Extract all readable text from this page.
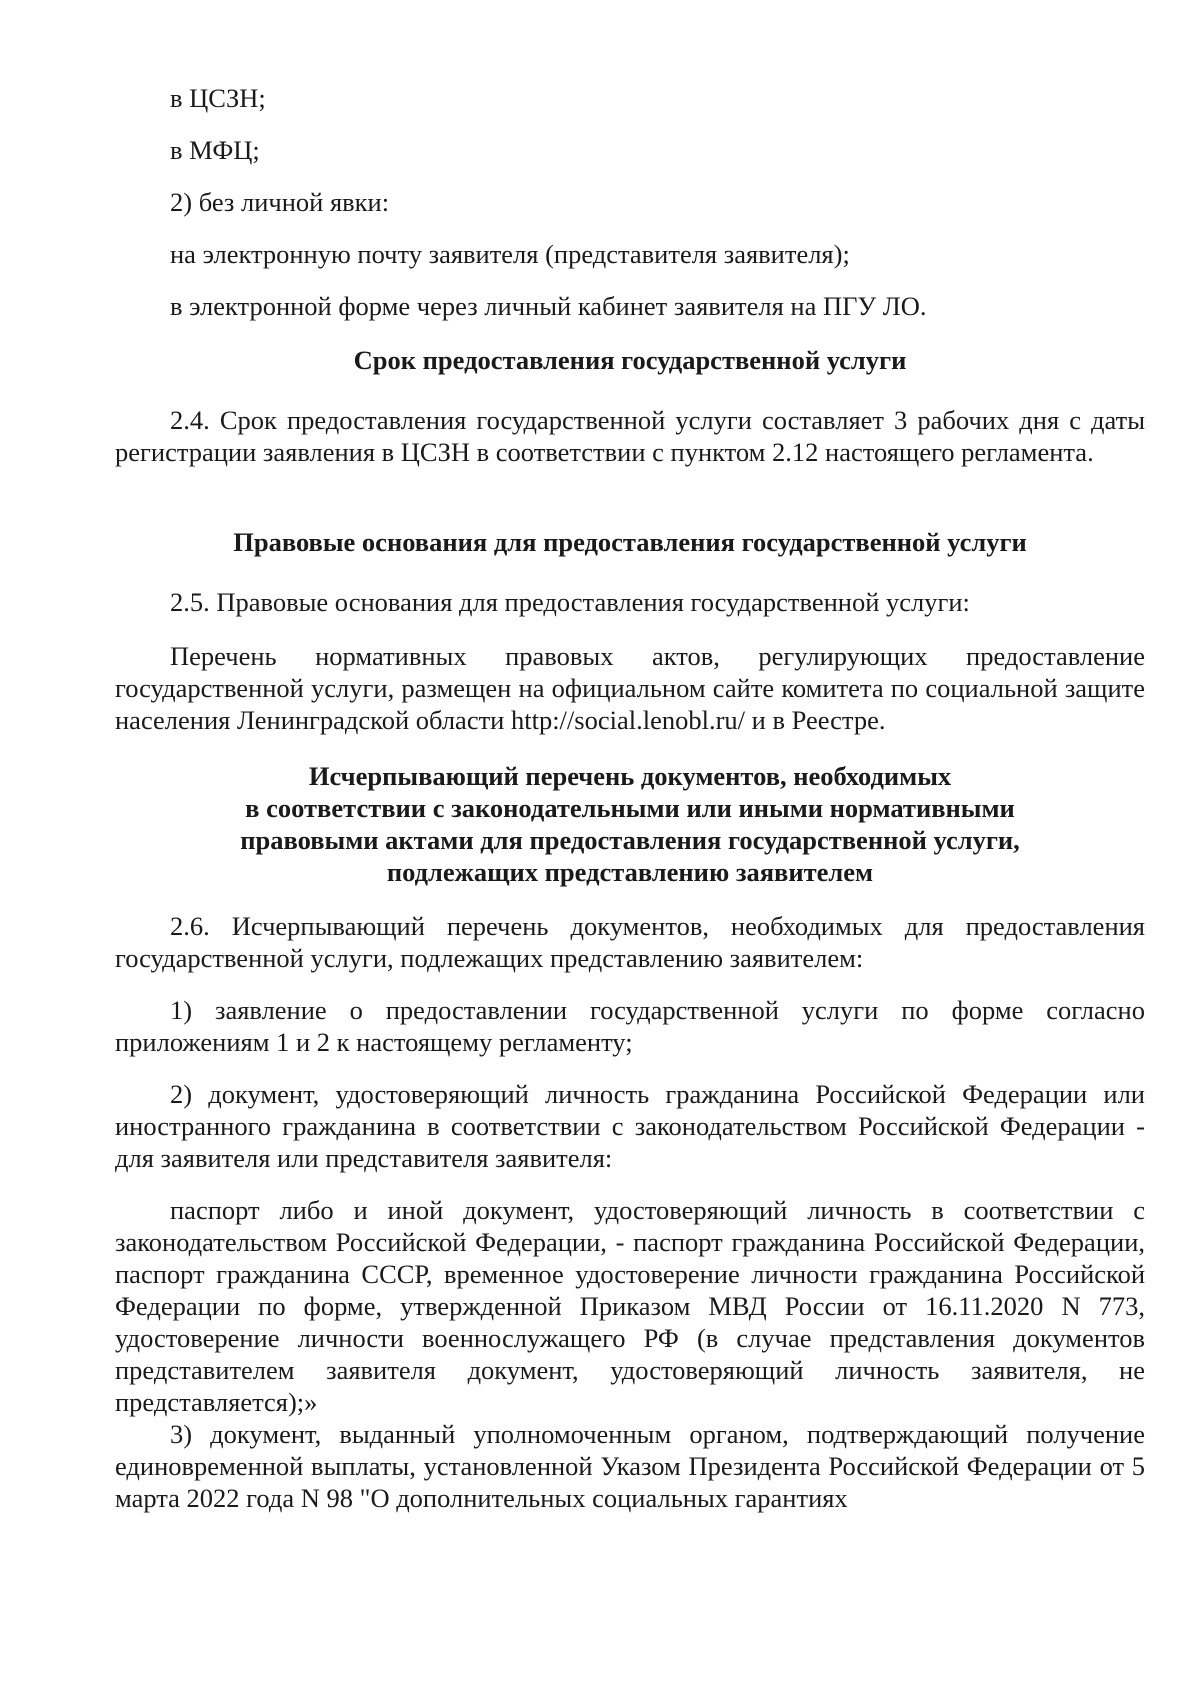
в ЦСЗН;

в МФЦ;

2) без личной явки:

на электронную почту заявителя (представителя заявителя);

в электронной форме через личный кабинет заявителя на ПГУ ЛО.

Срок предоставления государственной услуги

2.4. Срок предоставления государственной услуги составляет 3 рабочих дня с даты регистрации заявления в ЦСЗН в соответствии с пунктом 2.12 настоящего регламента.

Правовые основания для предоставления государственной услуги

2.5. Правовые основания для предоставления государственной услуги:

Перечень нормативных правовых актов, регулирующих предоставление государственной услуги, размещен на официальном сайте комитета по социальной защите населения Ленинградской области http://social.lenobl.ru/ и в Реестре.

Исчерпывающий перечень документов, необходимых
в соответствии с законодательными или иными нормативными
правовыми актами для предоставления государственной услуги,
подлежащих представлению заявителем

2.6. Исчерпывающий перечень документов, необходимых для предоставления государственной услуги, подлежащих представлению заявителем:

1) заявление о предоставлении государственной услуги по форме согласно приложениям 1 и 2 к настоящему регламенту;

2) документ, удостоверяющий личность гражданина Российской Федерации или иностранного гражданина в соответствии с законодательством Российской Федерации - для заявителя или представителя заявителя:

паспорт либо и иной документ, удостоверяющий личность в соответствии с законодательством Российской Федерации, - паспорт гражданина Российской Федерации, паспорт гражданина СССР, временное удостоверение личности гражданина Российской Федерации по форме, утвержденной Приказом МВД России от 16.11.2020 N 773, удостоверение личности военнослужащего РФ (в случае представления документов представителем заявителя документ, удостоверяющий личность заявителя, не представляется);»

3) документ, выданный уполномоченным органом, подтверждающий получение единовременной выплаты, установленной Указом Президента Российской Федерации от 5 марта 2022 года N 98 "О дополнительных социальных гарантиях
